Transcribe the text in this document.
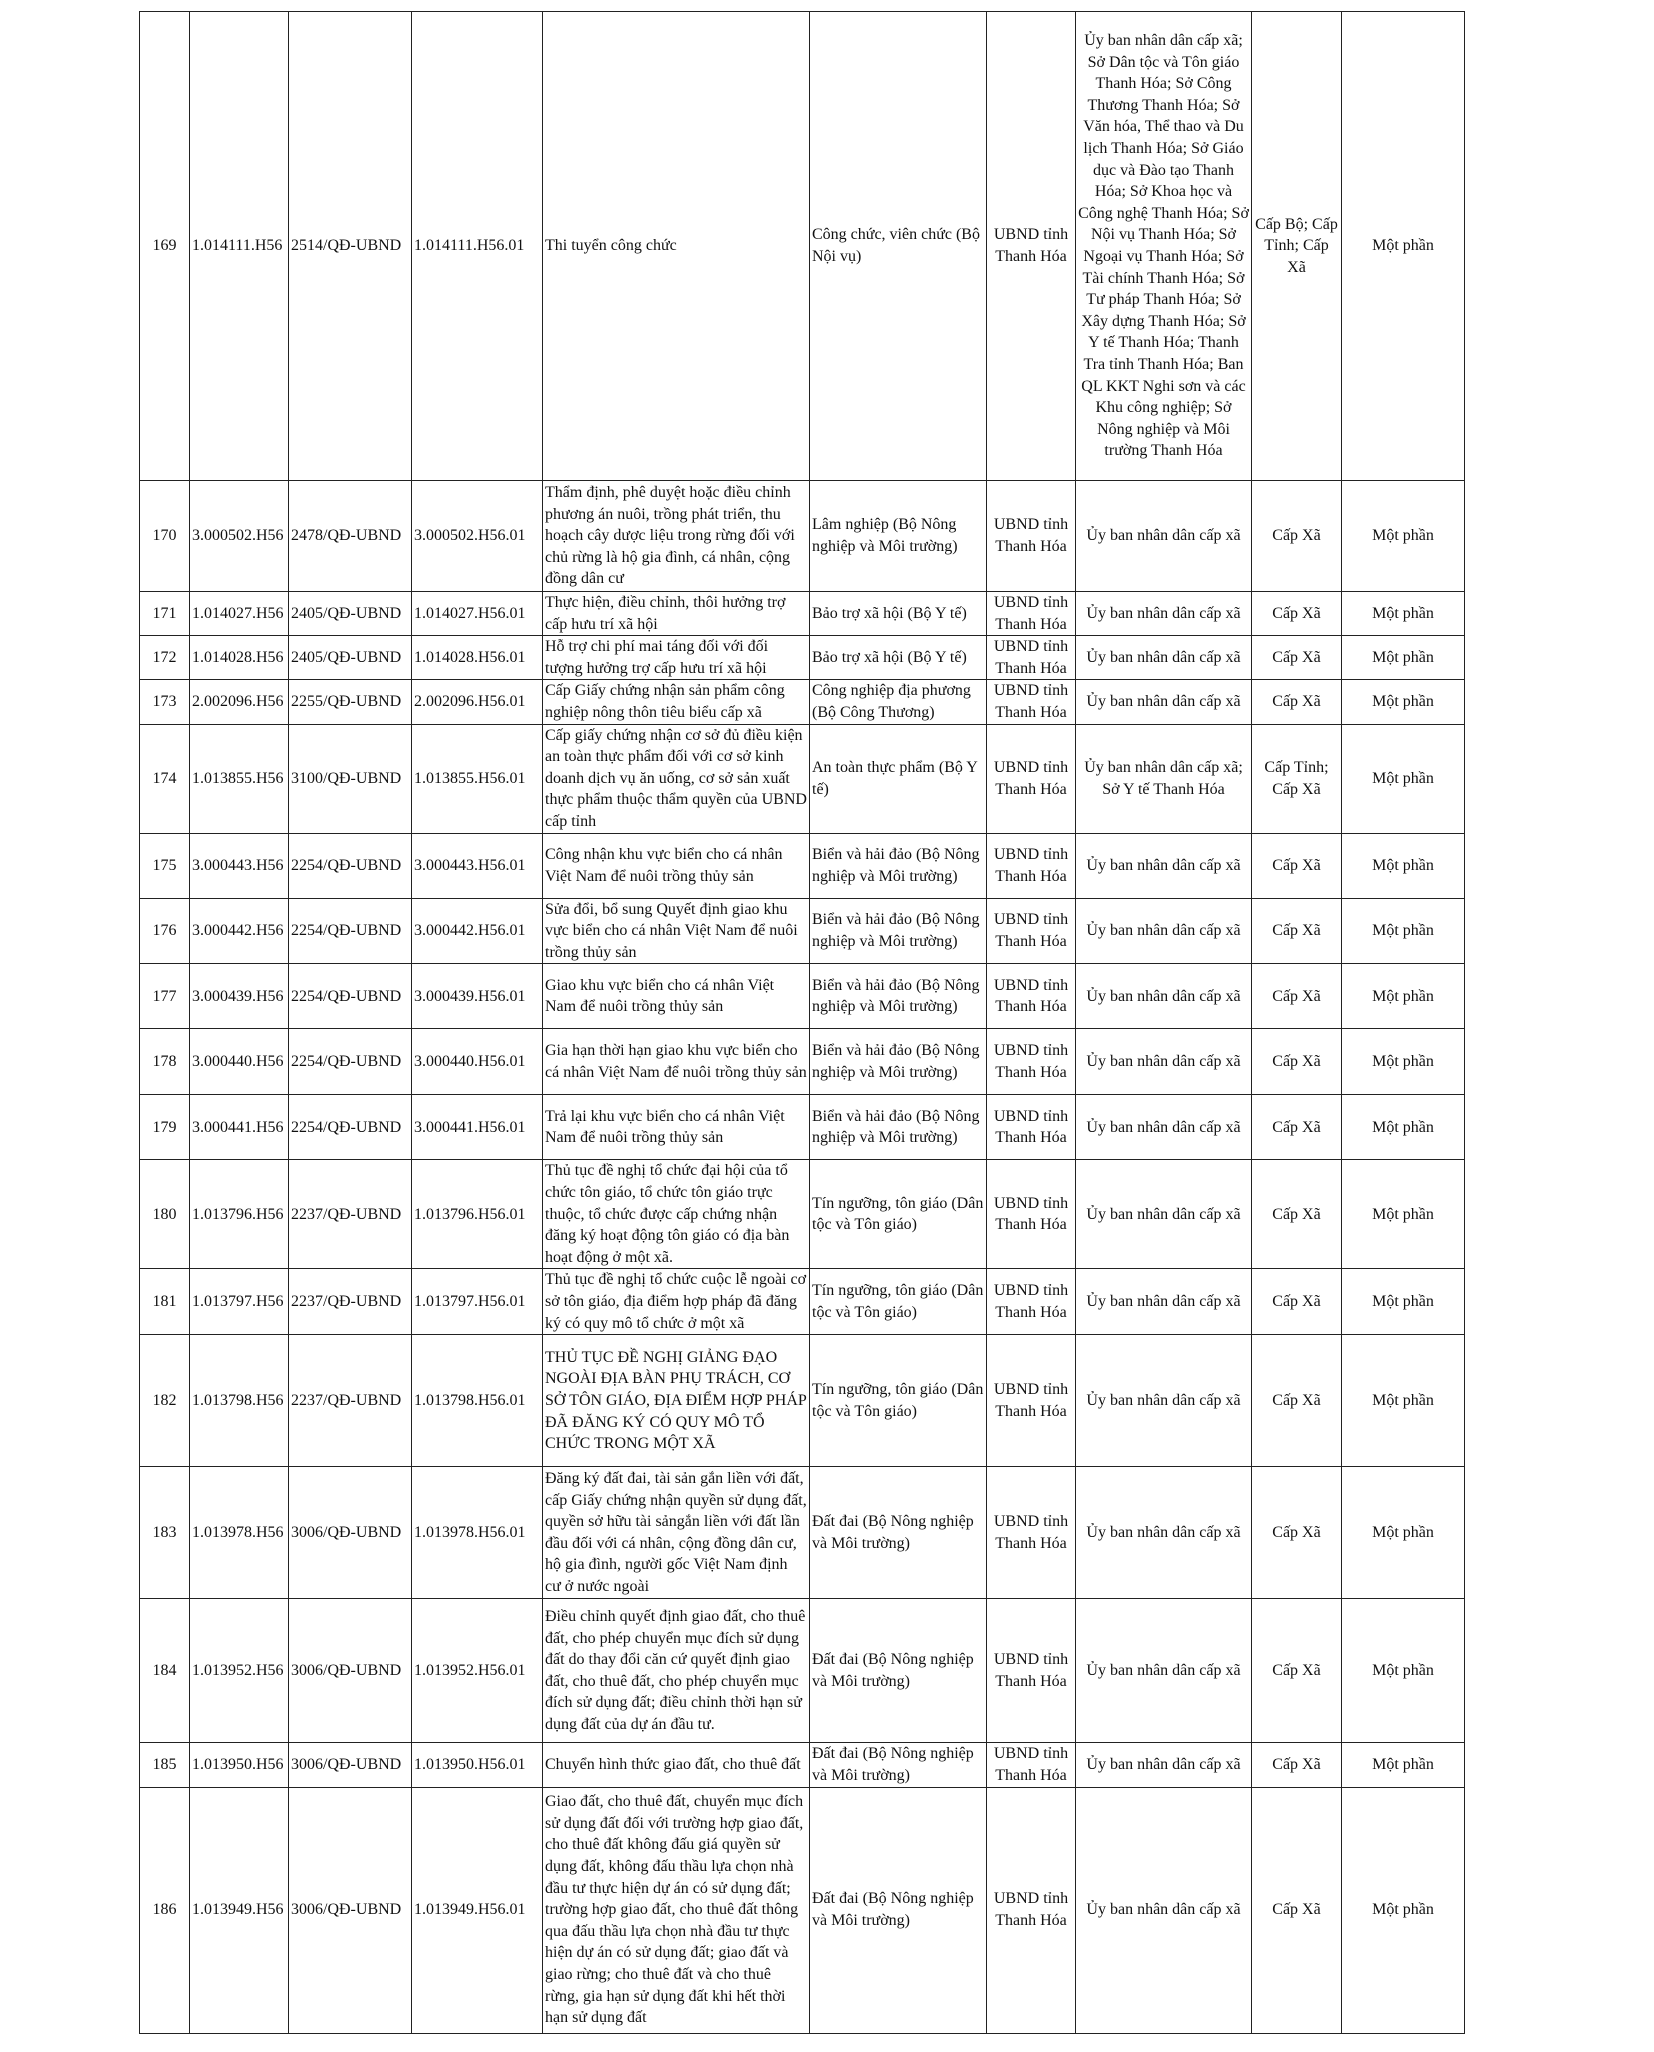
169	1.014111.H56	2514/QĐ-UBND	1.014111.H56.01	Thi tuyển công chức	Công chức, viên chức (Bộ Nội vụ)	UBND tỉnh Thanh Hóa	Ủy ban nhân dân cấp xã; Sở Dân tộc và Tôn giáo Thanh Hóa; Sở Công Thương Thanh Hóa; Sở Văn hóa, Thể thao và Du lịch Thanh Hóa; Sở Giáo dục và Đào tạo Thanh Hóa; Sở Khoa học và Công nghệ Thanh Hóa; Sở Nội vụ Thanh Hóa; Sở Ngoại vụ Thanh Hóa; Sở Tài chính Thanh Hóa; Sở Tư pháp Thanh Hóa; Sở Xây dựng Thanh Hóa; Sở Y tế Thanh Hóa; Thanh Tra tỉnh Thanh Hóa; Ban QL KKT Nghi sơn và các Khu công nghiệp; Sở Nông nghiệp và Môi trường Thanh Hóa	Cấp Bộ; Cấp Tỉnh; Cấp Xã	Một phần
170	3.000502.H56	2478/QĐ-UBND	3.000502.H56.01	Thẩm định, phê duyệt hoặc điều chỉnh phương án nuôi, trồng phát triển, thu hoạch cây dược liệu trong rừng đối với chủ rừng là hộ gia đình, cá nhân, cộng đồng dân cư	Lâm nghiệp (Bộ Nông nghiệp và Môi trường)	UBND tỉnh Thanh Hóa	Ủy ban nhân dân cấp xã	Cấp Xã	Một phần
171	1.014027.H56	2405/QĐ-UBND	1.014027.H56.01	Thực hiện, điều chỉnh, thôi hưởng trợ cấp hưu trí xã hội	Bảo trợ xã hội (Bộ Y tế)	UBND tỉnh Thanh Hóa	Ủy ban nhân dân cấp xã	Cấp Xã	Một phần
172	1.014028.H56	2405/QĐ-UBND	1.014028.H56.01	Hỗ trợ chi phí mai táng đối với đối tượng hưởng trợ cấp hưu trí xã hội	Bảo trợ xã hội (Bộ Y tế)	UBND tỉnh Thanh Hóa	Ủy ban nhân dân cấp xã	Cấp Xã	Một phần
173	2.002096.H56	2255/QĐ-UBND	2.002096.H56.01	Cấp Giấy chứng nhận sản phẩm công nghiệp nông thôn tiêu biểu cấp xã	Công nghiệp địa phương (Bộ Công Thương)	UBND tỉnh Thanh Hóa	Ủy ban nhân dân cấp xã	Cấp Xã	Một phần
174	1.013855.H56	3100/QĐ-UBND	1.013855.H56.01	Cấp giấy chứng nhận cơ sở đủ điều kiện an toàn thực phẩm đối với cơ sở kinh doanh dịch vụ ăn uống, cơ sở sản xuất thực phẩm thuộc thẩm quyền của UBND cấp tỉnh	An toàn thực phẩm (Bộ Y tế)	UBND tỉnh Thanh Hóa	Ủy ban nhân dân cấp xã; Sở Y tế Thanh Hóa	Cấp Tỉnh; Cấp Xã	Một phần
175	3.000443.H56	2254/QĐ-UBND	3.000443.H56.01	Công nhận khu vực biển cho cá nhân Việt Nam để nuôi trồng thủy sản	Biển và hải đảo (Bộ Nông nghiệp và Môi trường)	UBND tỉnh Thanh Hóa	Ủy ban nhân dân cấp xã	Cấp Xã	Một phần
176	3.000442.H56	2254/QĐ-UBND	3.000442.H56.01	Sửa đổi, bổ sung Quyết định giao khu vực biển cho cá nhân Việt Nam để nuôi trồng thủy sản	Biển và hải đảo (Bộ Nông nghiệp và Môi trường)	UBND tỉnh Thanh Hóa	Ủy ban nhân dân cấp xã	Cấp Xã	Một phần
177	3.000439.H56	2254/QĐ-UBND	3.000439.H56.01	Giao khu vực biển cho cá nhân Việt Nam để nuôi trồng thủy sản	Biển và hải đảo (Bộ Nông nghiệp và Môi trường)	UBND tỉnh Thanh Hóa	Ủy ban nhân dân cấp xã	Cấp Xã	Một phần
178	3.000440.H56	2254/QĐ-UBND	3.000440.H56.01	Gia hạn thời hạn giao khu vực biển cho cá nhân Việt Nam để nuôi trồng thủy sản	Biển và hải đảo (Bộ Nông nghiệp và Môi trường)	UBND tỉnh Thanh Hóa	Ủy ban nhân dân cấp xã	Cấp Xã	Một phần
179	3.000441.H56	2254/QĐ-UBND	3.000441.H56.01	Trả lại khu vực biển cho cá nhân Việt Nam để nuôi trồng thủy sản	Biển và hải đảo (Bộ Nông nghiệp và Môi trường)	UBND tỉnh Thanh Hóa	Ủy ban nhân dân cấp xã	Cấp Xã	Một phần
180	1.013796.H56	2237/QĐ-UBND	1.013796.H56.01	Thủ tục đề nghị tổ chức đại hội của tổ chức tôn giáo, tổ chức tôn giáo trực thuộc, tổ chức được cấp chứng nhận đăng ký hoạt động tôn giáo có địa bàn hoạt động ở một xã.	Tín ngưỡng, tôn giáo (Dân tộc và Tôn giáo)	UBND tỉnh Thanh Hóa	Ủy ban nhân dân cấp xã	Cấp Xã	Một phần
181	1.013797.H56	2237/QĐ-UBND	1.013797.H56.01	Thủ tục đề nghị tổ chức cuộc lễ ngoài cơ sở tôn giáo, địa điểm hợp pháp đã đăng ký có quy mô tổ chức ở một xã	Tín ngưỡng, tôn giáo (Dân tộc và Tôn giáo)	UBND tỉnh Thanh Hóa	Ủy ban nhân dân cấp xã	Cấp Xã	Một phần
182	1.013798.H56	2237/QĐ-UBND	1.013798.H56.01	THỦ TỤC ĐỀ NGHỊ GIẢNG ĐẠO NGOÀI ĐỊA BÀN PHỤ TRÁCH, CƠ SỞ TÔN GIÁO, ĐỊA ĐIỂM HỢP PHÁP ĐÃ ĐĂNG KÝ CÓ QUY MÔ TỔ CHỨC TRONG MỘT XÃ	Tín ngưỡng, tôn giáo (Dân tộc và Tôn giáo)	UBND tỉnh Thanh Hóa	Ủy ban nhân dân cấp xã	Cấp Xã	Một phần
183	1.013978.H56	3006/QĐ-UBND	1.013978.H56.01	Đăng ký đất đai, tài sản gắn liền với đất, cấp Giấy chứng nhận quyền sử dụng đất, quyền sở hữu tài sảngắn liền với đất lần đầu đối với cá nhân, cộng đồng dân cư, hộ gia đình, người gốc Việt Nam định cư ở nước ngoài	Đất đai (Bộ Nông nghiệp và Môi trường)	UBND tỉnh Thanh Hóa	Ủy ban nhân dân cấp xã	Cấp Xã	Một phần
184	1.013952.H56	3006/QĐ-UBND	1.013952.H56.01	Điều chỉnh quyết định giao đất, cho thuê đất, cho phép chuyển mục đích sử dụng đất do thay đổi căn cứ quyết định giao đất, cho thuê đất, cho phép chuyển mục đích sử dụng đất; điều chỉnh thời hạn sử dụng đất của dự án đầu tư.	Đất đai (Bộ Nông nghiệp và Môi trường)	UBND tỉnh Thanh Hóa	Ủy ban nhân dân cấp xã	Cấp Xã	Một phần
185	1.013950.H56	3006/QĐ-UBND	1.013950.H56.01	Chuyển hình thức giao đất, cho thuê đất	Đất đai (Bộ Nông nghiệp và Môi trường)	UBND tỉnh Thanh Hóa	Ủy ban nhân dân cấp xã	Cấp Xã	Một phần
186	1.013949.H56	3006/QĐ-UBND	1.013949.H56.01	Giao đất, cho thuê đất, chuyển mục đích sử dụng đất đối với trường hợp giao đất, cho thuê đất không đấu giá quyền sử dụng đất, không đấu thầu lựa chọn nhà đầu tư thực hiện dự án có sử dụng đất; trường hợp giao đất, cho thuê đất thông qua đấu thầu lựa chọn nhà đầu tư thực hiện dự án có sử dụng đất; giao đất và giao rừng; cho thuê đất và cho thuê rừng, gia hạn sử dụng đất khi hết thời hạn sử dụng đất	Đất đai (Bộ Nông nghiệp và Môi trường)	UBND tỉnh Thanh Hóa	Ủy ban nhân dân cấp xã	Cấp Xã	Một phần
